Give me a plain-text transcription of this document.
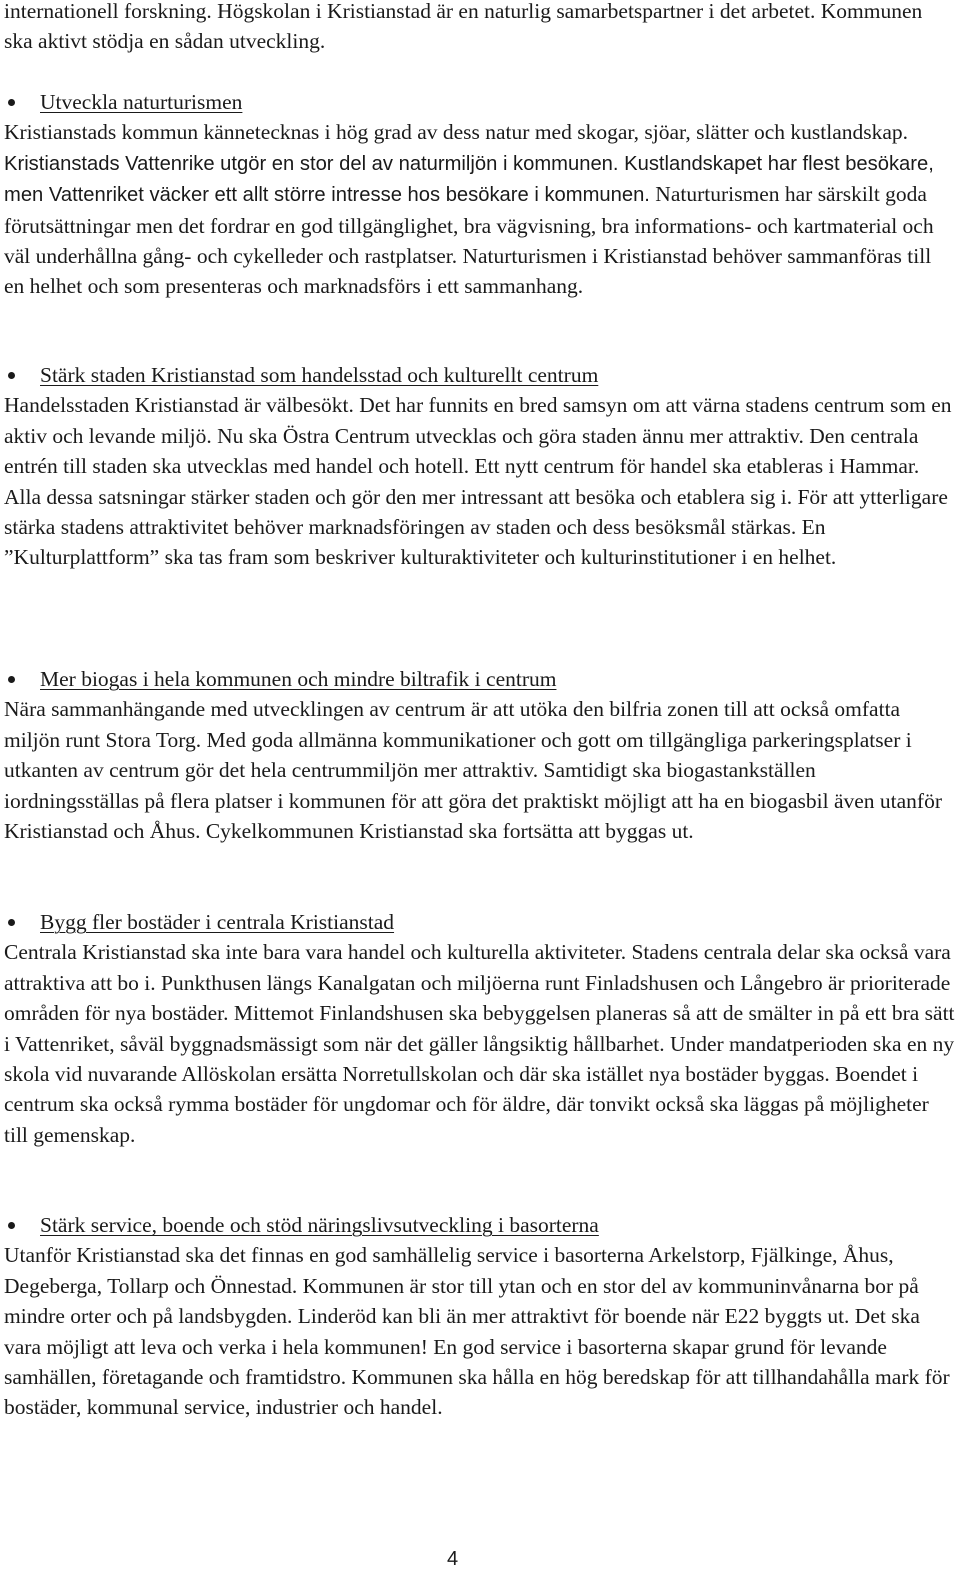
internationell forskning. Högskolan i Kristianstad är en naturlig samarbetspartner i det arbetet. Kommunen ska aktivt stödja en sådan utveckling.
Utveckla naturturismen
Kristianstads kommun kännetecknas i hög grad av dess natur med skogar, sjöar, slätter och kustlandskap. Kristianstads Vattenrike utgör en stor del av naturmiljön i kommunen. Kustlandskapet har flest besökare, men Vattenriket väcker ett allt större intresse hos besökare i kommunen. Naturturismen har särskilt goda förutsättningar men det fordrar en god tillgänglighet, bra vägvisning, bra informations- och kartmaterial och väl underhållna gång- och cykelleder och rastplatser. Naturturismen i Kristianstad behöver sammanföras till en helhet och som presenteras och marknadsförs i ett sammanhang.
Stärk staden Kristianstad som handelsstad och kulturellt centrum
Handelsstaden Kristianstad är välbesökt. Det har funnits en bred samsyn om att värna stadens centrum som en aktiv och levande miljö. Nu ska Östra Centrum utvecklas och göra staden ännu mer attraktiv. Den centrala entrén till staden ska utvecklas med handel och hotell. Ett nytt centrum för handel ska etableras i Hammar. Alla dessa satsningar stärker staden och gör den mer intressant att besöka och etablera sig i. För att ytterligare stärka stadens attraktivitet behöver marknadsföringen av staden och dess besöksmål stärkas. En ”Kulturplattform” ska tas fram som beskriver kulturaktiviteter och kulturinstitutioner i en helhet.
Mer biogas i hela kommunen och mindre biltrafik i centrum
Nära sammanhängande med utvecklingen av centrum är att utöka den bilfria zonen till att också omfatta miljön runt Stora Torg. Med goda allmänna kommunikationer och gott om tillgängliga parkeringsplatser i utkanten av centrum gör det hela centrummiljön mer attraktiv. Samtidigt ska biogastankställen iordningsställas på flera platser i kommunen för att göra det praktiskt möjligt att ha en biogasbil även utanför Kristianstad och Åhus. Cykelkommunen Kristianstad ska fortsätta att byggas ut.
Bygg fler bostäder i centrala Kristianstad
Centrala Kristianstad ska inte bara vara handel och kulturella aktiviteter. Stadens centrala delar ska också vara attraktiva att bo i. Punkthusen längs Kanalgatan och miljöerna runt Finladshusen och Långebro är prioriterade områden för nya bostäder. Mittemot Finlandshusen ska bebyggelsen planeras så att de smälter in på ett bra sätt i Vattenriket, såväl byggnadsmässigt som när det gäller långsiktig hållbarhet. Under mandatperioden ska en ny skola vid nuvarande Allöskolan ersätta Norretullskolan och där ska istället nya bostäder byggas. Boendet i centrum ska också rymma bostäder för ungdomar och för äldre, där tonvikt också ska läggas på möjligheter till gemenskap.
Stärk service, boende och stöd näringslivsutveckling i basorterna
Utanför Kristianstad ska det finnas en god samhällelig service i basorterna Arkelstorp, Fjälkinge, Åhus, Degeberga, Tollarp och Önnestad. Kommunen är stor till ytan och en stor del av kommuninvånarna bor på mindre orter och på landsbygden. Linderöd kan bli än mer attraktivt för boende när E22 byggts ut. Det ska vara möjligt att leva och verka i hela kommunen! En god service i basorterna skapar grund för levande samhällen, företagande och framtidstro. Kommunen ska hålla en hög beredskap för att tillhandahålla mark för bostäder, kommunal service, industrier och handel.
4
